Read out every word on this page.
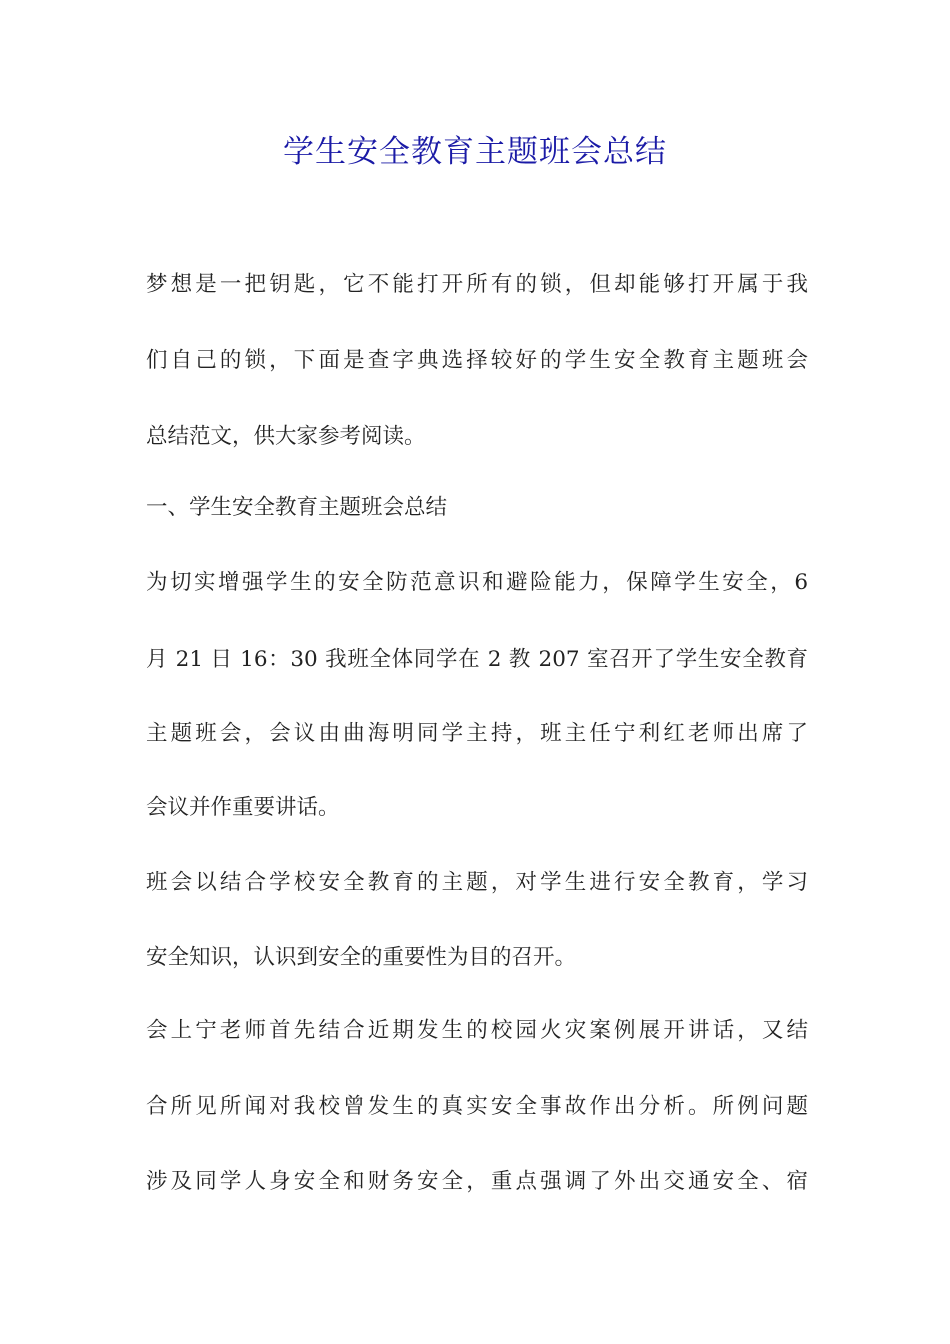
学生安全教育主题班会总结
梦想是一把钥匙，它不能打开所有的锁，但却能够打开属于我
们自己的锁，下面是查字典选择较好的学生安全教育主题班会
总结范文，供大家参考阅读。
一、学生安全教育主题班会总结
为切实增强学生的安全防范意识和避险能力，保障学生安全，6
月 21 日 16：30 我班全体同学在 2 教 207 室召开了学生安全教育
主题班会，会议由曲海明同学主持，班主任宁利红老师出席了
会议并作重要讲话。
班会以结合学校安全教育的主题，对学生进行安全教育，学习
安全知识，认识到安全的重要性为目的召开。
会上宁老师首先结合近期发生的校园火灾案例展开讲话，又结
合所见所闻对我校曾发生的真实安全事故作出分析。所例问题
涉及同学人身安全和财务安全，重点强调了外出交通安全、宿
